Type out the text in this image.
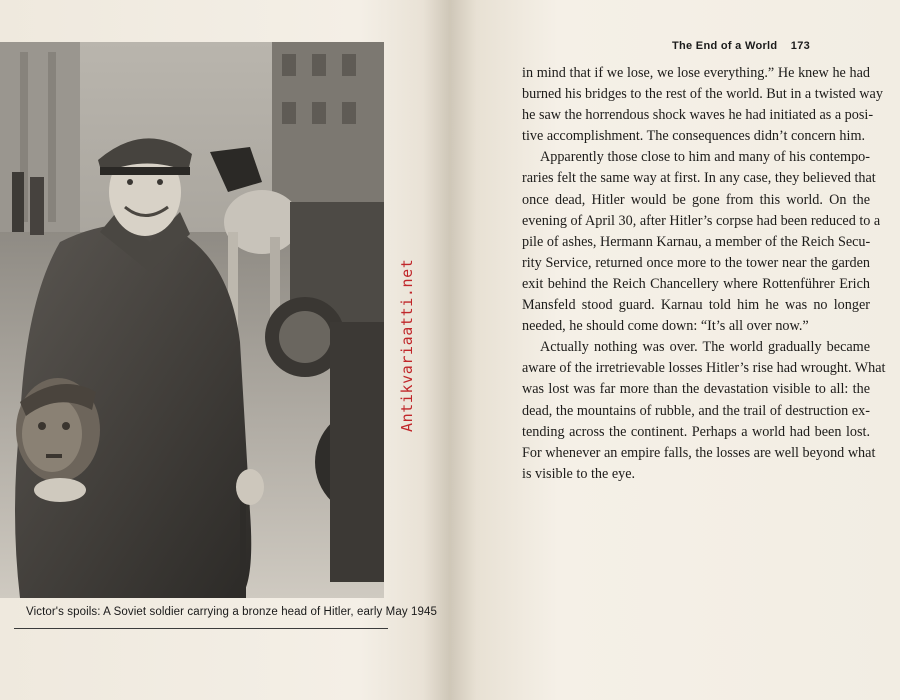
Victor's spoils: A Soviet soldier carrying a bronze head of Hitler, early May 1945
Antikvariaatti.net
The End of a World 173

in mind that if we lose, we lose everything.” He knew he had
burned his bridges to the rest of the world. But in a twisted way
he saw the horrendous shock waves he had initiated as a posi-
tive accomplishment. The consequences didn’t concern him.

Apparently those close to him and many of his contempo-
raries felt the same way at first. In any case, they believed that
once dead, Hitler would be gone from this world. On the
evening of April 30, after Hitler’s corpse had been reduced to a
pile of ashes, Hermann Karnau, a member of the Reich Secu-
rity Service, returned once more to the tower near the garden
exit behind the Reich Chancellery where Rottenführer Erich
Mansfeld stood guard. Karnau told him he was no longer
needed, he should come down: “It’s all over now.”

Actually nothing was over. The world gradually became
aware of the irretrievable losses Hitler’s rise had wrought. What
was lost was far more than the devastation visible to all: the
dead, the mountains of rubble, and the trail of destruction ex-
tending across the continent. Perhaps a world had been lost.
For whenever an empire falls, the losses are well beyond what
is visible to the eye.
